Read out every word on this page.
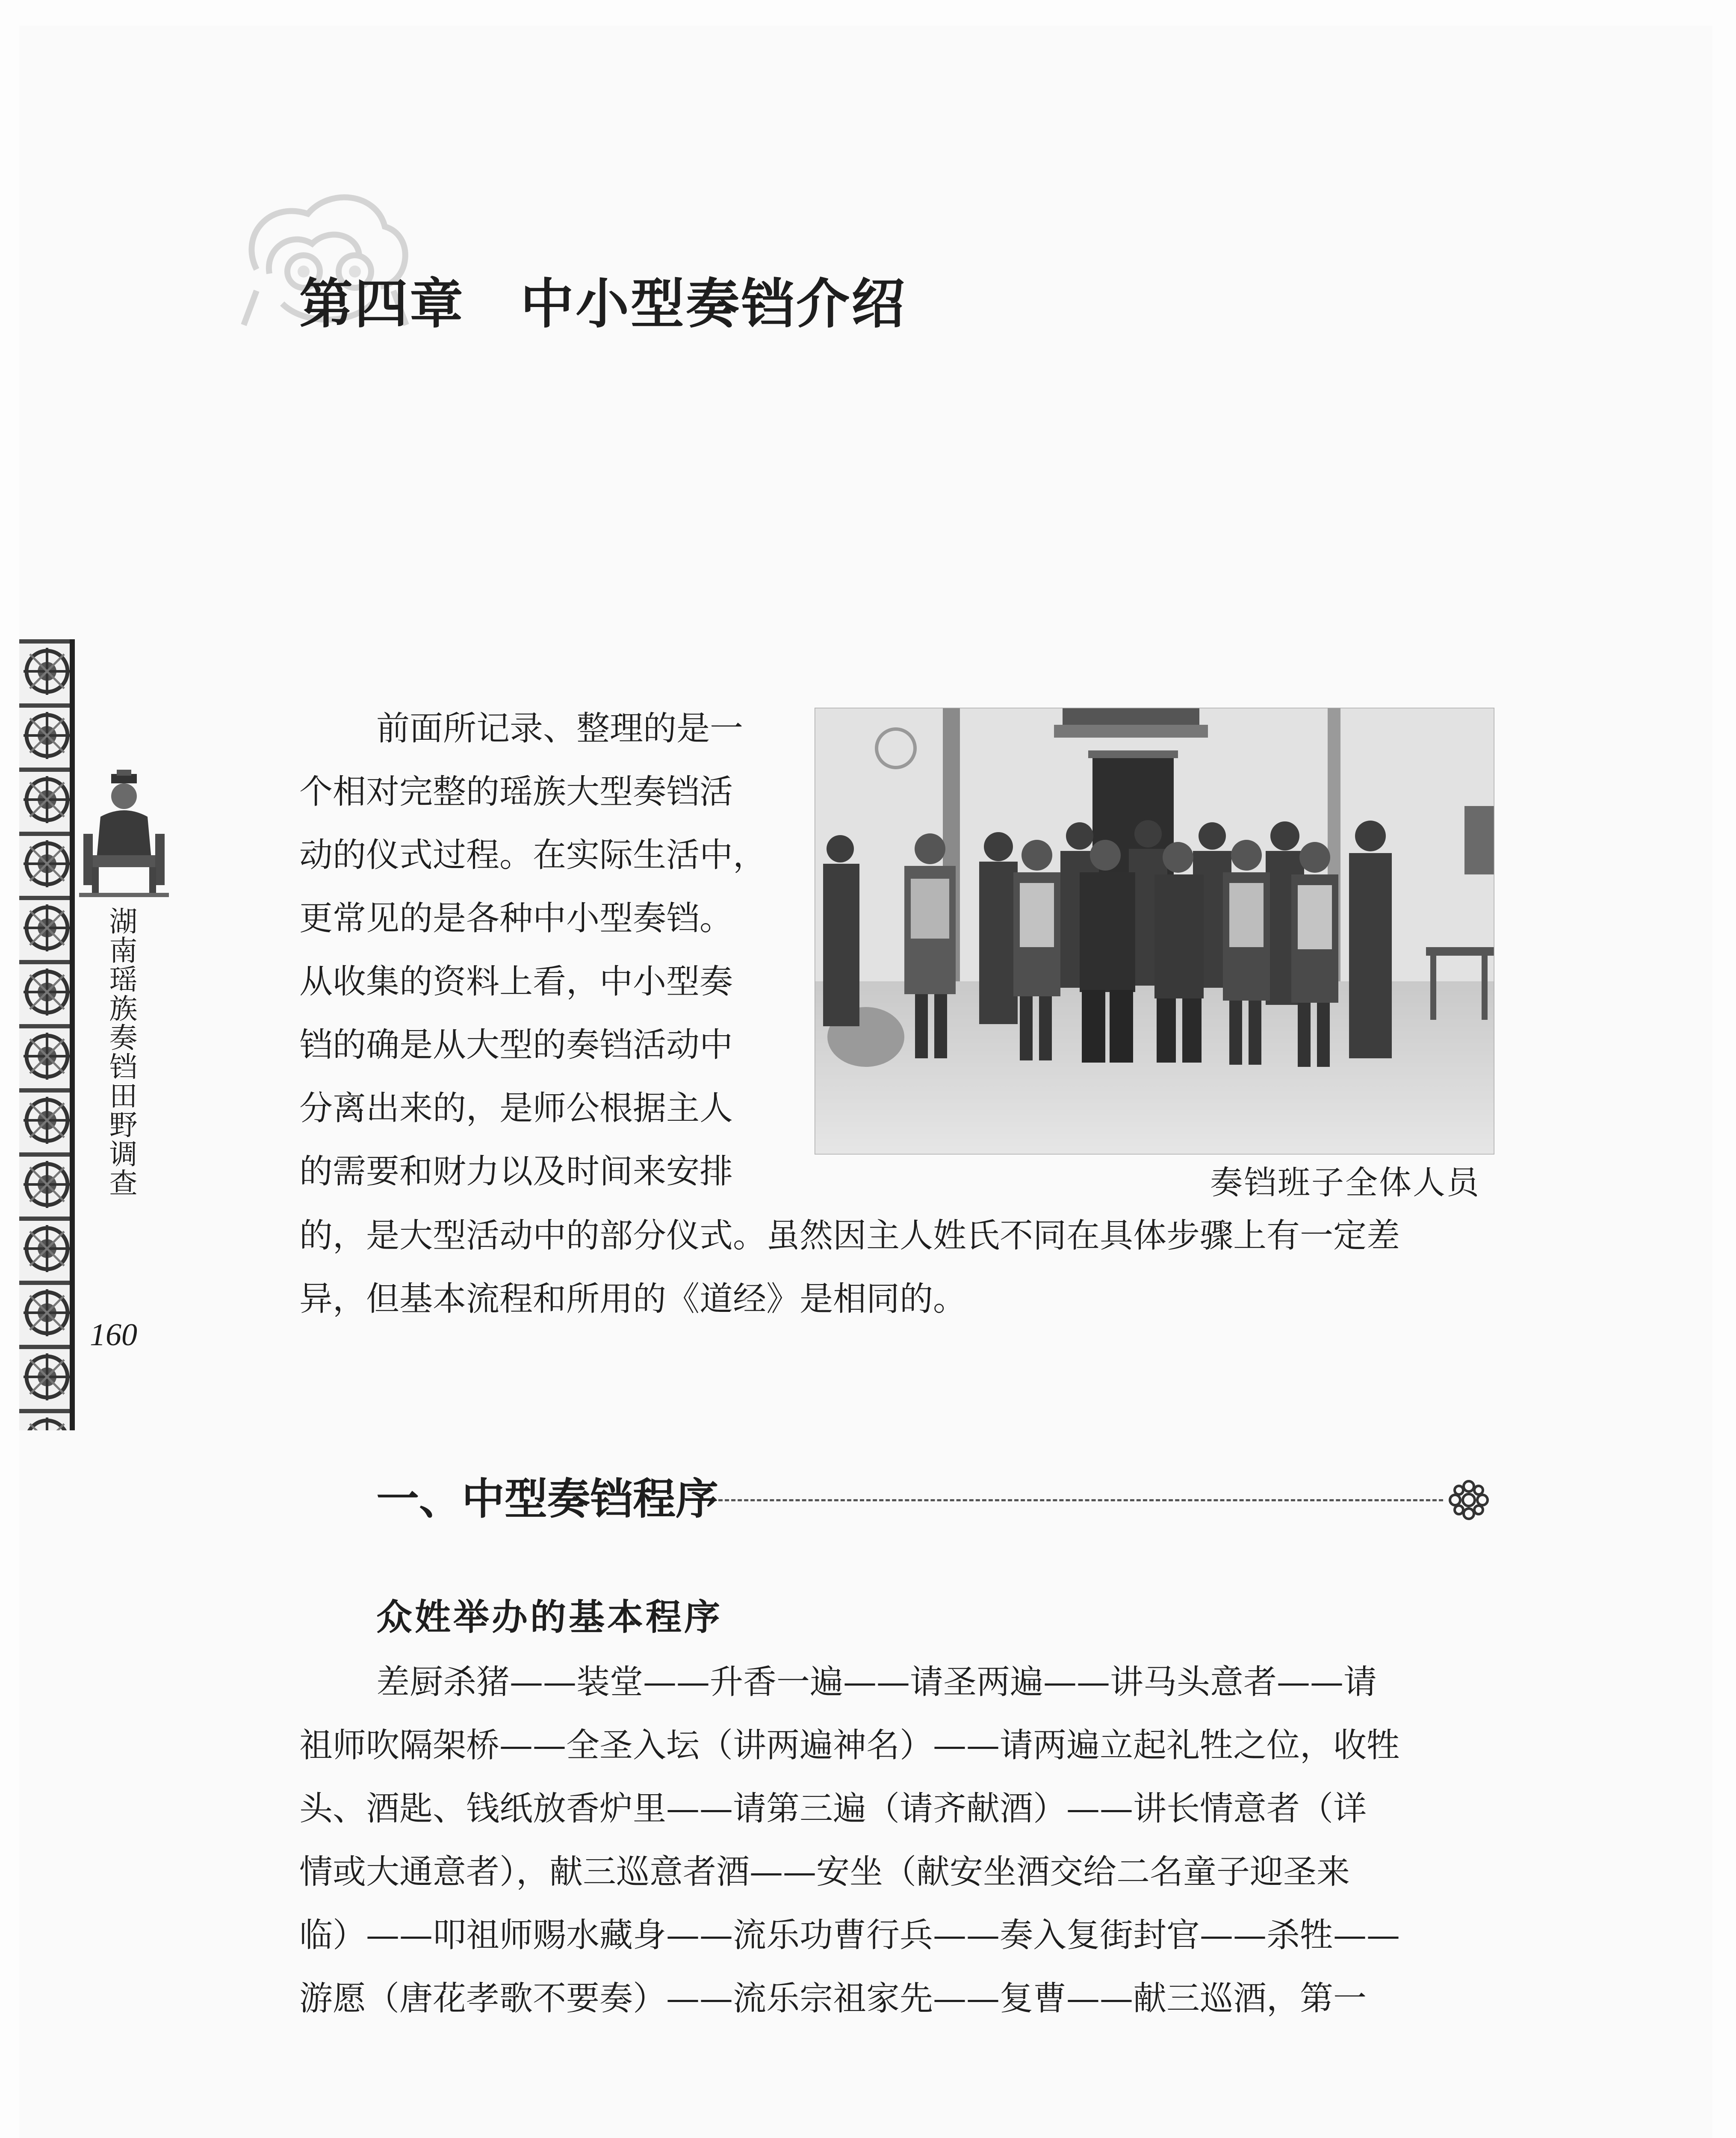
第四章 中小型奏铛介绍
湖南瑶族奏铛田野调查
160

前面所记录、整理的是一

个相对完整的瑶族大型奏铛活

动的仪式过程。在实际生活中，

更常见的是各种中小型奏铛。

从收集的资料上看，中小型奏

铛的确是从大型的奏铛活动中

分离出来的，是师公根据主人

的需要和财力以及时间来安排

的，是大型活动中的部分仪式。虽然因主人姓氏不同在具体步骤上有一定差

异，但基本流程和所用的《道经》是相同的。

奏铛班子全体人员
一、中型奏铛程序
众姓举办的基本程序

差厨杀猪——装堂——升香一遍——请圣两遍——讲马头意者——请

祖师吹隔架桥——全圣入坛（讲两遍神名）——请两遍立起礼牲之位，收牲

头、酒匙、钱纸放香炉里——请第三遍（请齐献酒）——讲长情意者（详

情或大通意者），献三巡意者酒——安坐（献安坐酒交给二名童子迎圣来

临）——叩祖师赐水藏身——流乐功曹行兵——奏入复街封官——杀牲——

游愿（唐花孝歌不要奏）——流乐宗祖家先——复曹——献三巡酒，第一
